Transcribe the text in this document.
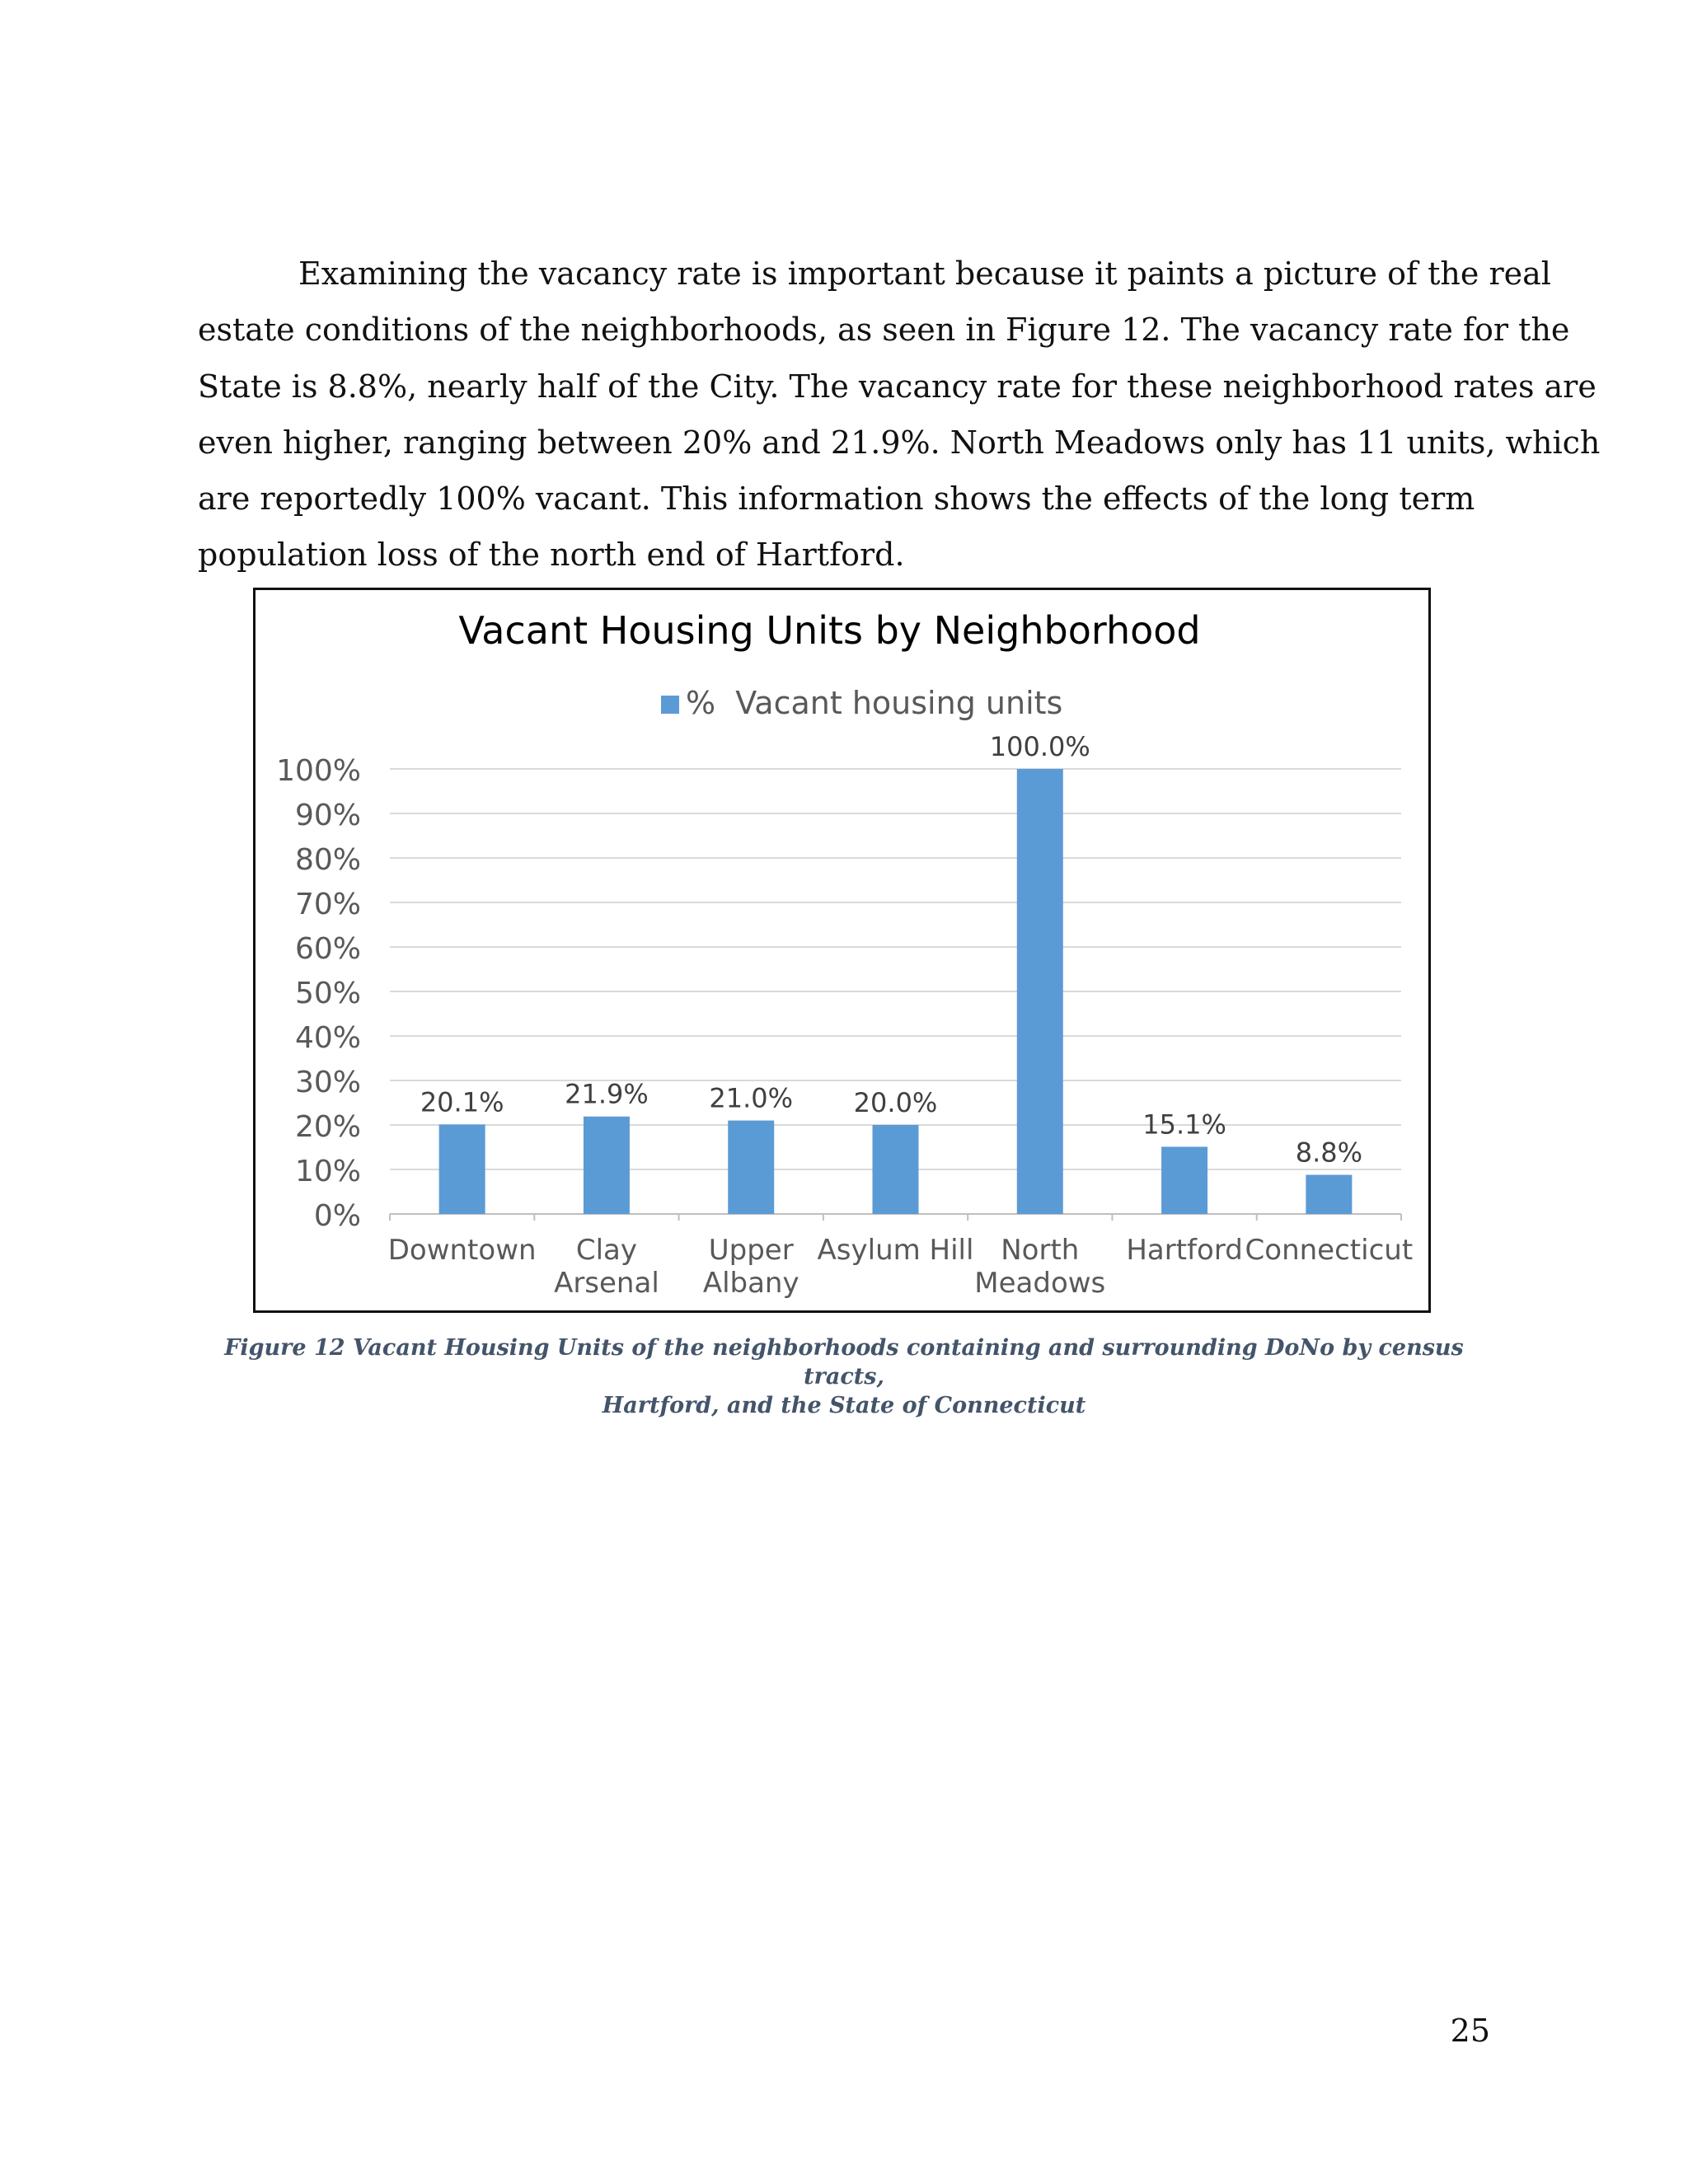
Examining the vacancy rate is important because it paints a picture of the real
estate conditions of the neighborhoods, as seen in Figure 12. The vacancy rate for the
State is 8.8%, nearly half of the City. The vacancy rate for these neighborhood rates are
even higher, ranging between 20% and 21.9%. North Meadows only has 11 units, which
are reportedly 100% vacant. This information shows the effects of the long term
population loss of the north end of Hartford.
Vacant Housing Units by Neighborhood
%  Vacant housing units
0%
10%
20%
30%
40%
50%
60%
70%
80%
90%
100%
20.1%
Downtown
21.9%
Clay
Arsenal
21.0%
Upper
Albany
20.0%
Asylum Hill
100.0%
North
Meadows
15.1%
Hartford
8.8%
Connecticut
Figure 12 Vacant Housing Units of the neighborhoods containing and surrounding DoNo by census tracts,
Hartford, and the State of Connecticut
25
